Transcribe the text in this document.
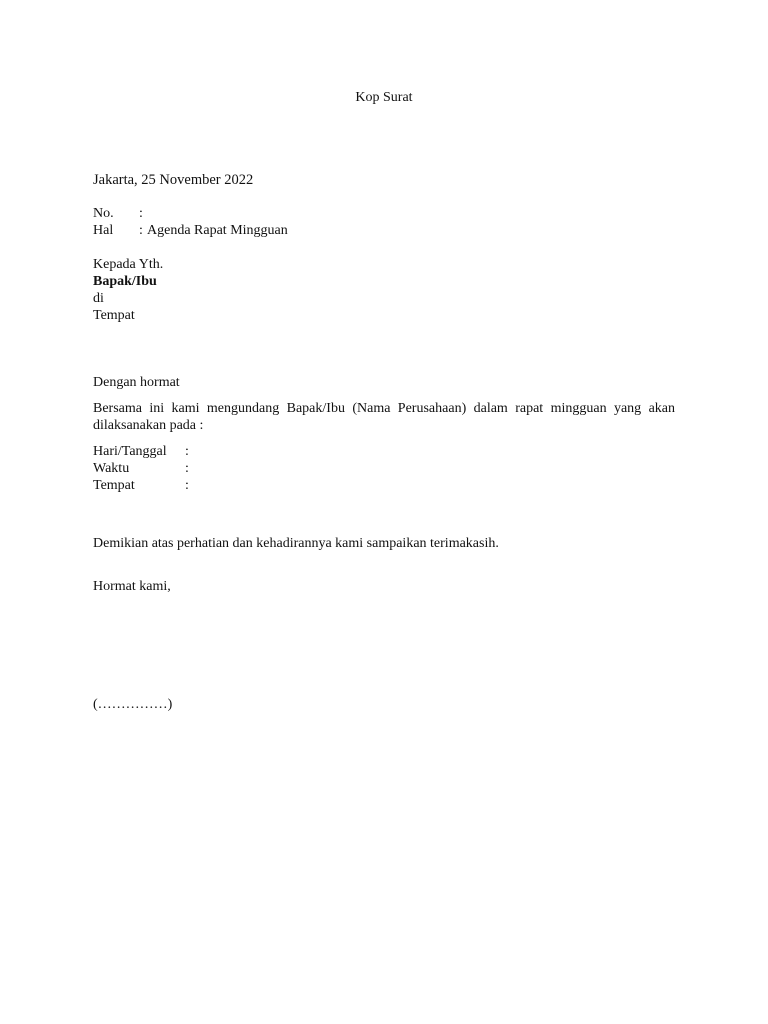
Kop Surat
Jakarta, 25 November 2022
No.	:
Hal	: Agenda Rapat Mingguan
Kepada Yth.
Bapak/Ibu
di
Tempat
Dengan hormat
Bersama ini kami mengundang Bapak/Ibu (Nama Perusahaan) dalam rapat mingguan yang akan dilaksanakan pada :
Hari/Tanggal	:
Waktu	:
Tempat	:
Demikian atas perhatian dan kehadirannya kami sampaikan terimakasih.
Hormat kami,
(……………)
